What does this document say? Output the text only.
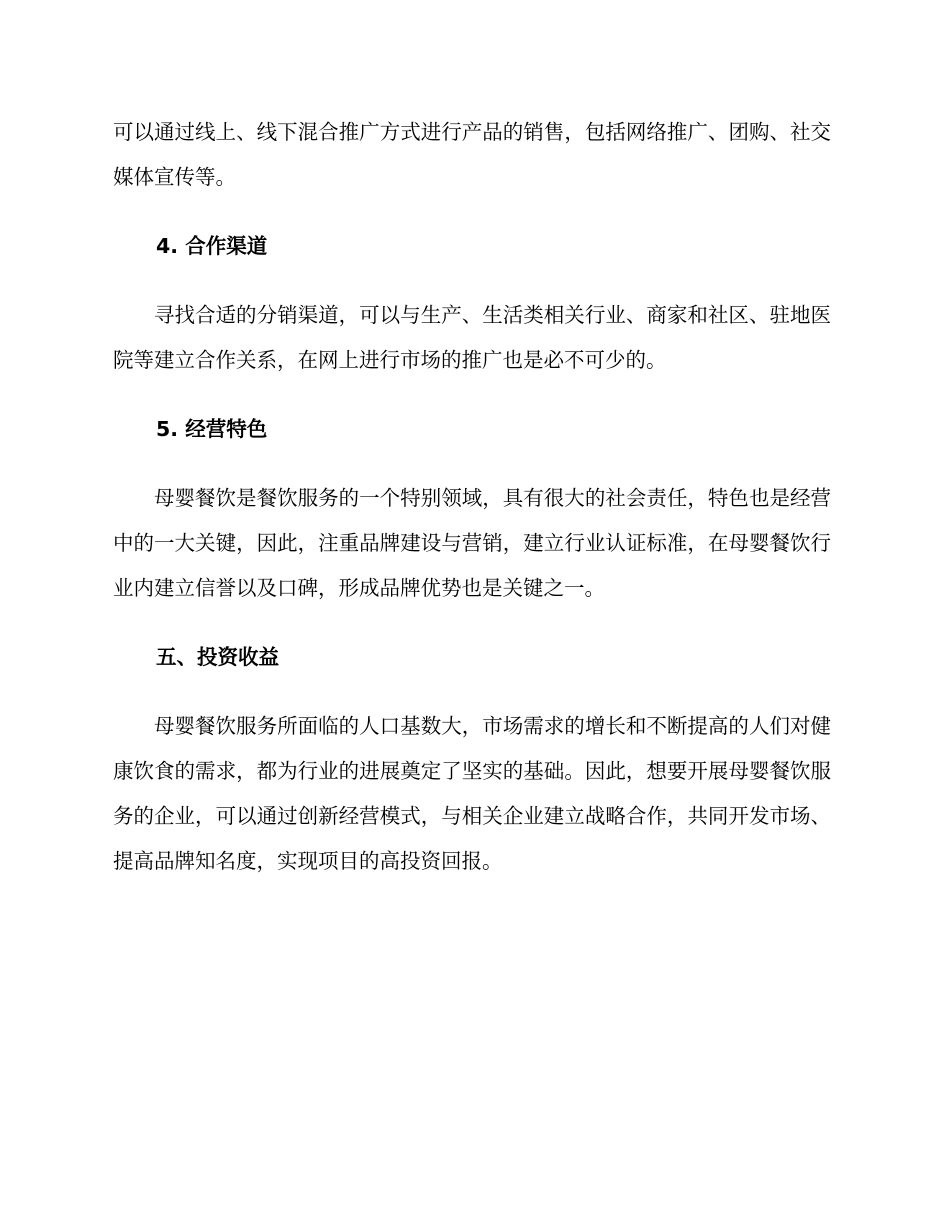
可以通过线上、线下混合推广方式进行产品的销售，包括网络推广、团购、社交媒体宣传等。

4. 合作渠道

寻找合适的分销渠道，可以与生产、生活类相关行业、商家和社区、驻地医院等建立合作关系，在网上进行市场的推广也是必不可少的。

5. 经营特色

母婴餐饮是餐饮服务的一个特别领域，具有很大的社会责任，特色也是经营中的一大关键，因此，注重品牌建设与营销，建立行业认证标准，在母婴餐饮行业内建立信誉以及口碑，形成品牌优势也是关键之一。

五、投资收益

母婴餐饮服务所面临的人口基数大，市场需求的增长和不断提高的人们对健康饮食的需求，都为行业的进展奠定了坚实的基础。因此，想要开展母婴餐饮服务的企业，可以通过创新经营模式，与相关企业建立战略合作，共同开发市场、提高品牌知名度，实现项目的高投资回报。
